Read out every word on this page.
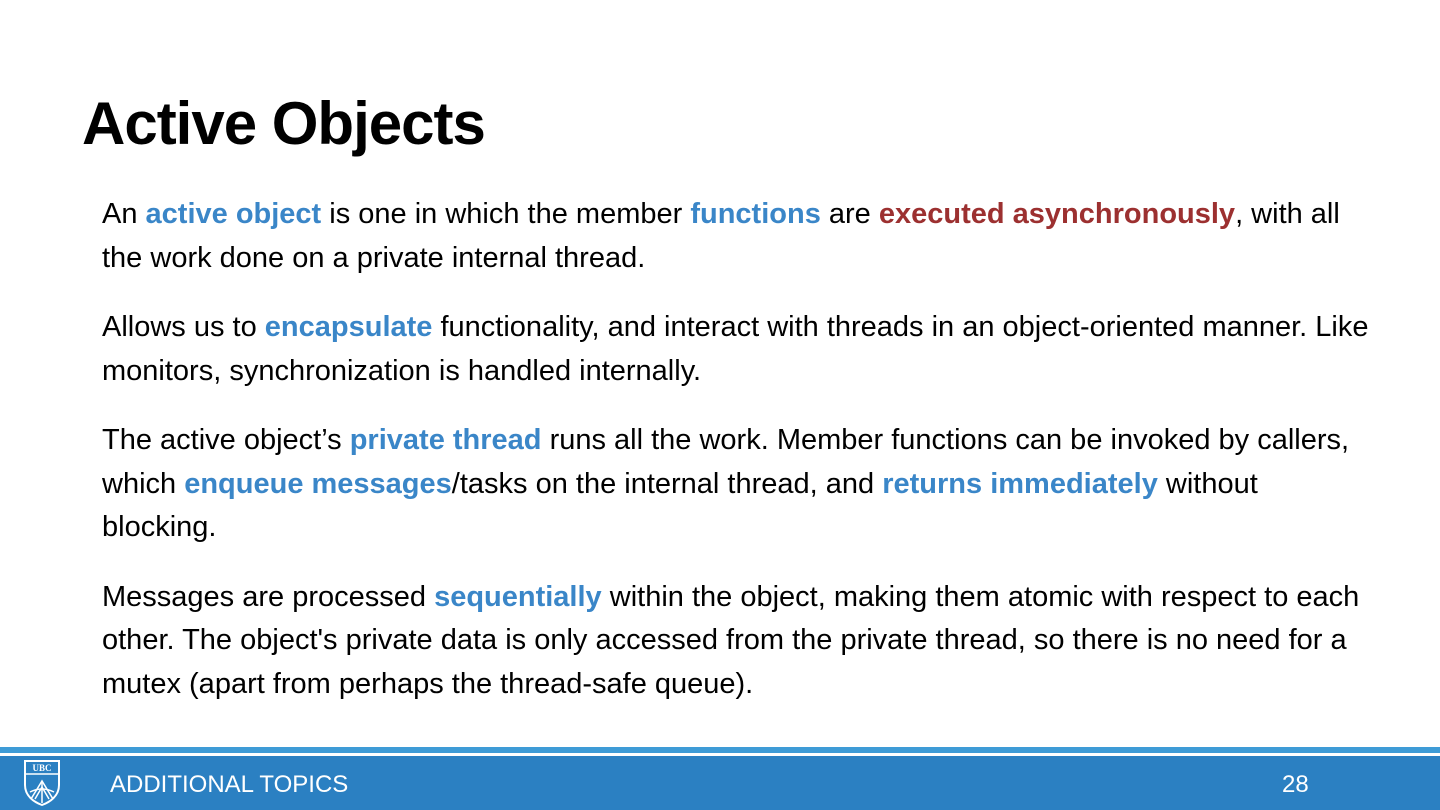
Active Objects

An active object is one in which the member functions are executed asynchronously, with all the work done on a private internal thread.

Allows us to encapsulate functionality, and interact with threads in an object-oriented manner. Like monitors, synchronization is handled internally.

The active object’s private thread runs all the work. Member functions can be invoked by callers, which enqueue messages/tasks on the internal thread, and returns immediately without blocking.

Messages are processed sequentially within the object, making them atomic with respect to each other. The object's private data is only accessed from the private thread, so there is no need for a mutex (apart from perhaps the thread-safe queue).

UBC
ADDITIONAL TOPICS	28
